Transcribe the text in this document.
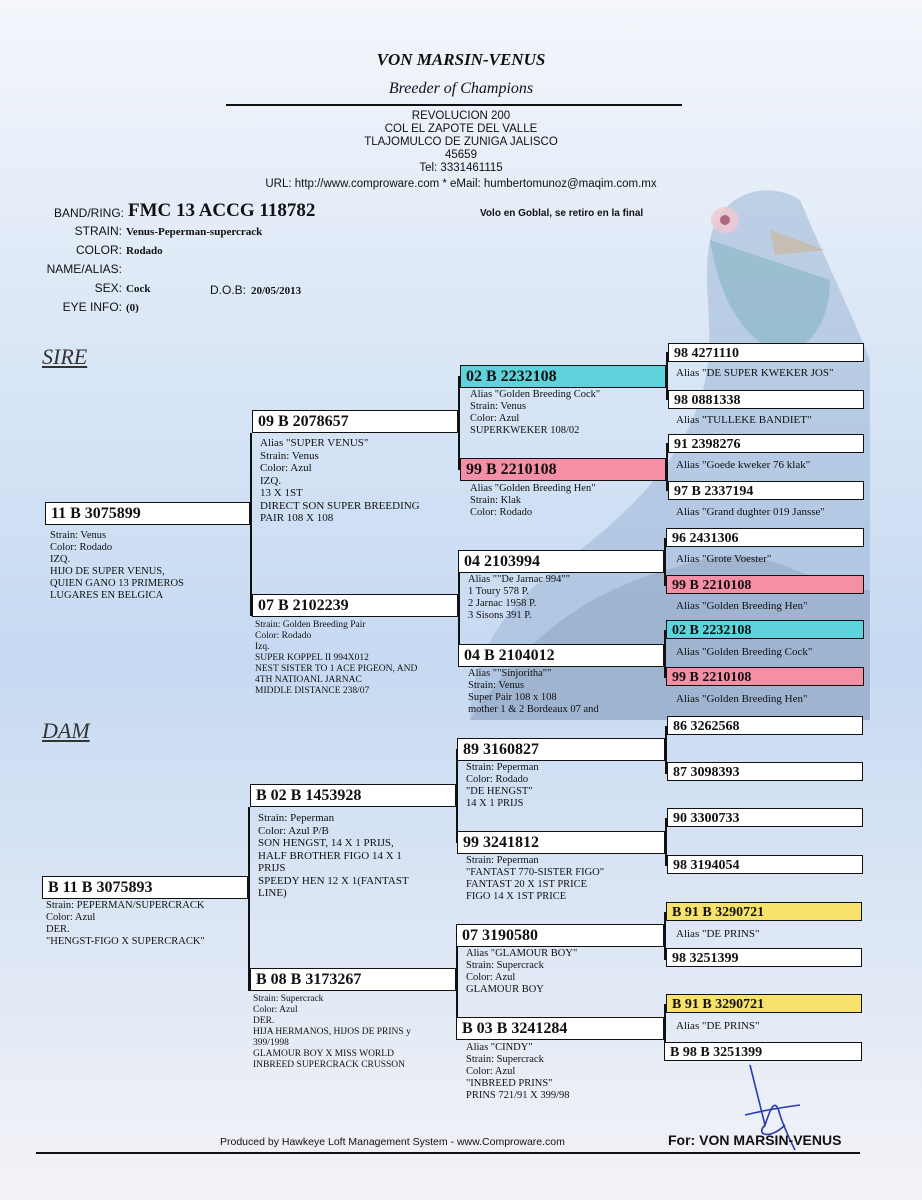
VON MARSIN-VENUS
Breeder of Champions
REVOLUCION 200
COL EL ZAPOTE DEL VALLE
TLAJOMULCO DE ZUNIGA JALISCO
45659
Tel: 3331461115
URL: http://www.comproware.com * eMail: humbertomunoz@maqim.com.mx
BAND/RING: FMC 13 ACCG 118782	Volo en Goblal, se retiro en la final
STRAIN: Venus-Peperman-supercrack
COLOR: Rodado
NAME/ALIAS:
SEX: Cock	D.O.B: 20/05/2013
EYE INFO: (0)
SIRE
DAM
11 B 3075899
Strain: Venus
Color: Rodado
IZQ.
HIJO DE SUPER VENUS,
QUIEN GANO 13 PRIMEROS
LUGARES EN BELGICA
B 11 B 3075893
Strain: PEPERMAN/SUPERCRACK
Color: Azul
DER.
"HENGST-FIGO X SUPERCRACK"
09 B 2078657
Alias "SUPER VENUS"
Strain: Venus
Color: Azul
IZQ.
13 X 1ST
DIRECT SON SUPER BREEDING
PAIR 108 X 108
07 B 2102239
Strain: Golden Breeding Pair
Color: Rodado
Izq.
SUPER KOPPEL II 994X012
NEST SISTER TO 1 ACE PIGEON, AND
4TH NATIOANL JARNAC
MIDDLE DISTANCE 238/07
B 02 B 1453928
Strain: Peperman
Color: Azul P/B
SON HENGST, 14 X 1 PRIJS,
HALF BROTHER FIGO 14 X 1
PRIJS
SPEEDY HEN 12 X 1(FANTAST
LINE)
B 08 B 3173267
Strain: Supercrack
Color: Azul
DER.
HIJA HERMANOS, HIJOS DE PRINS y
399/1998
GLAMOUR BOY X MISS WORLD
INBREED SUPERCRACK CRUSSON
02 B 2232108
Alias "Golden Breeding Cock"
Strain: Venus
Color: Azul
SUPERKWEKER 108/02
99 B 2210108
Alias "Golden Breeding Hen"
Strain: Klak
Color: Rodado
04 2103994
Alias ""De Jarnac 994""
1 Toury 578 P.
2 Jarnac 1958 P.
3 Sisons 391 P.
04 B 2104012
Alias ""Sinjoritha""
Strain: Venus
Super Pair 108 x 108
mother 1 & 2 Bordeaux 07 and
89 3160827
Strain: Peperman
Color: Rodado
"DE HENGST"
14 X 1 PRIJS
99 3241812
Strain: Peperman
"FANTAST 770-SISTER FIGO"
FANTAST 20 X 1ST PRICE
FIGO 14 X 1ST PRICE
07 3190580
Alias "GLAMOUR BOY"
Strain: Supercrack
Color: Azul
GLAMOUR BOY
B 03 B 3241284
Alias "CINDY"
Strain: Supercrack
Color: Azul
"INBREED PRINS"
PRINS 721/91 X 399/98
98 4271110
Alias "DE SUPER KWEKER JOS"
98 0881338
Alias "TULLEKE BANDIET"
91 2398276
Alias "Goede kweker 76 klak"
97 B 2337194
Alias "Grand dughter 019 Jansse"
96 2431306
Alias "Grote Voester"
99 B 2210108
Alias "Golden Breeding Hen"
02 B 2232108
Alias "Golden Breeding Cock"
99 B 2210108
Alias "Golden Breeding Hen"
86 3262568
87 3098393
90 3300733
98 3194054
B 91 B 3290721
Alias "DE PRINS"
98 3251399
B 91 B 3290721
Alias "DE PRINS"
B 98 B 3251399
Produced by Hawkeye Loft Management System - www.Comproware.com	For: VON MARSIN-VENUS
